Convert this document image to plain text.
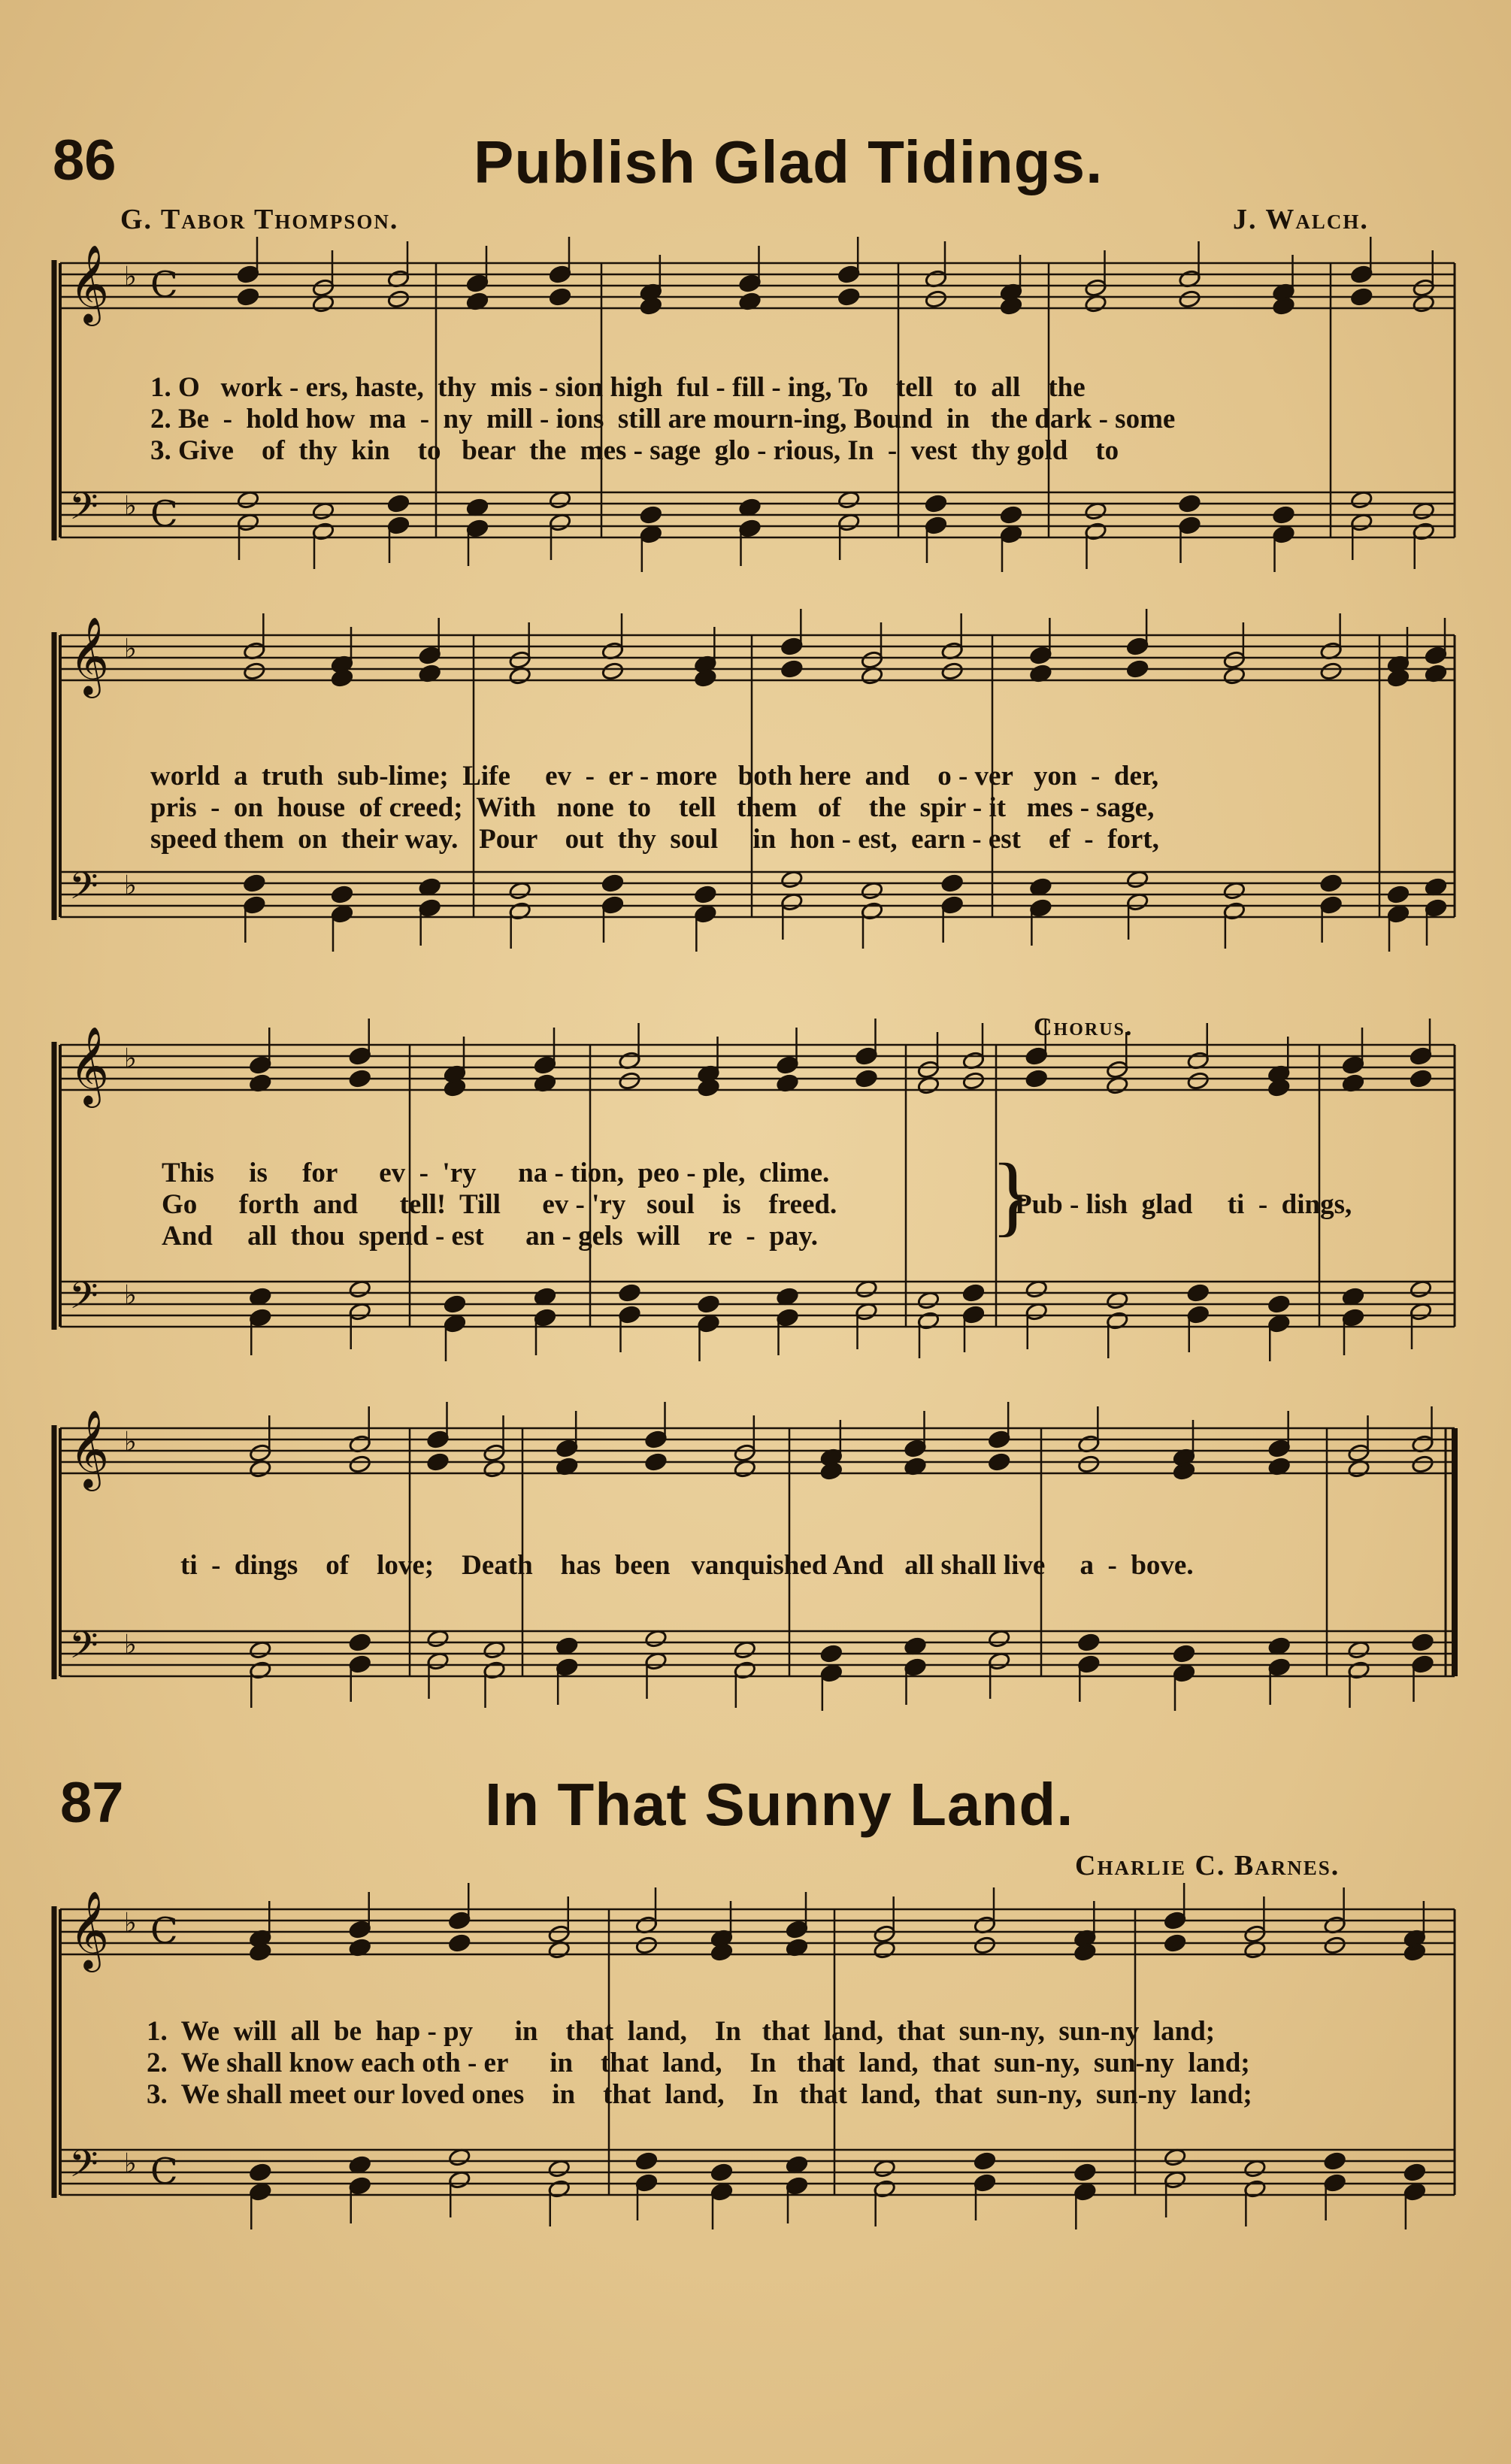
86	Publish Glad Tidings.
G. Tabor Thompson.	J. Walch.
𝄞 ♭ C
𝄢 ♭ C
𝄞 ♭
𝄢 ♭
𝄞 ♭
𝄢 ♭
𝄞 ♭
𝄢 ♭
𝄞 ♭ C
𝄢 ♭ C
1. O   work - ers, haste,  thy  mis - sion high  ful - fill - ing, To    tell   to  all    the
2. Be  -  hold how  ma  -  ny  mill - ions  still are mourn-ing, Bound  in   the dark - some
3. Give    of  thy  kin    to   bear  the  mes - sage  glo - rious, In  -  vest  thy gold    to
world  a  truth  sub-lime;  Life     ev  -  er - more   both here  and    o - ver   yon  -  der,
pris  -  on  house  of creed;  With   none  to    tell   them   of    the  spir - it   mes - sage,
speed them  on  their way.   Pour    out  thy  soul     in  hon - est,  earn - est    ef  -  fort,
Chorus.
This     is     for      ev  -  'ry      na - tion,  peo - ple,  clime.
Go      forth  and      tell!  Till      ev - 'ry   soul    is    freed.
And     all  thou  spend - est      an - gels  will    re  -  pay. }
Pub - lish  glad     ti  -  dings,
ti  -  dings    of    love;    Death    has  been   vanquished And   all shall live     a  -  bove.
87	In That Sunny Land.
Charlie C. Barnes.
1.  We  will  all  be  hap - py      in    that  land,    In   that  land,  that  sun-ny,  sun-ny  land;
2.  We shall know each oth - er      in    that  land,    In   that  land,  that  sun-ny,  sun-ny  land;
3.  We shall meet our loved ones    in    that  land,    In   that  land,  that  sun-ny,  sun-ny  land;
